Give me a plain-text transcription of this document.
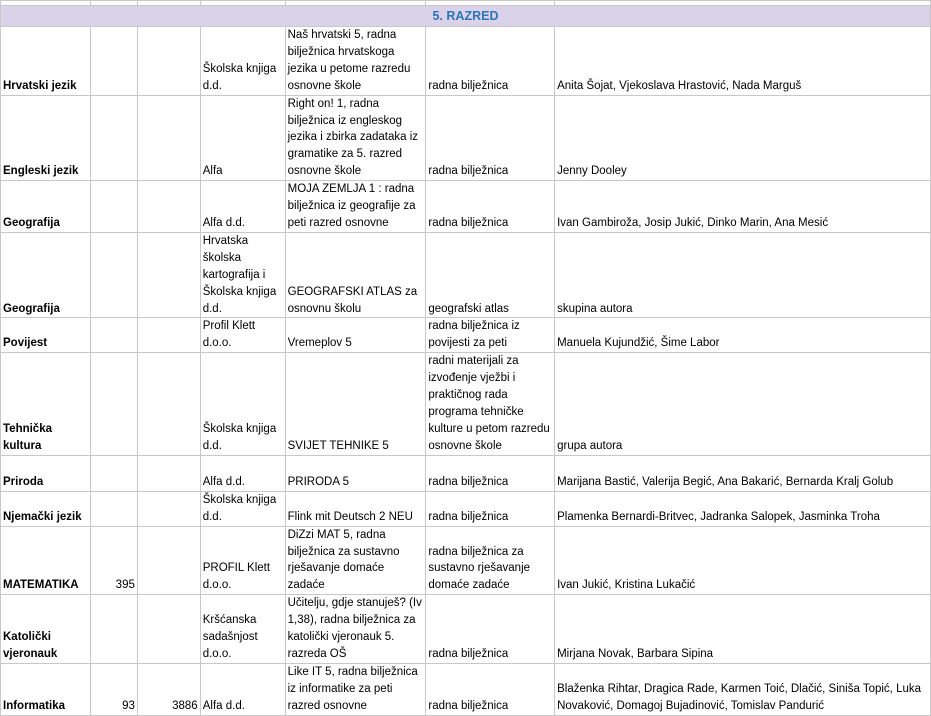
5. RAZRED						
Hrvatski jezik			Školska knjiga d.d.	Naš hrvatski 5, radna bilježnica hrvatskoga jezika u petome razredu osnovne škole	radna bilježnica	Anita Šojat, Vjekoslava Hrastović, Nada Marguš
Engleski jezik			Alfa	Right on! 1, radna bilježnica iz engleskog jezika i zbirka zadataka iz gramatike za 5. razred osnovne škole	radna bilježnica	Jenny Dooley
Geografija			Alfa d.d.	MOJA ZEMLJA 1 : radna bilježnica iz geografije za peti razred osnovne	radna bilježnica	Ivan Gambiroža, Josip Jukić, Dinko Marin, Ana Mesić
Geografija			Hrvatska školska kartografija i Školska knjiga d.d.	GEOGRAFSKI ATLAS za osnovnu školu	geografski atlas	skupina autora
Povijest			Profil Klett d.o.o.	Vremeplov 5	radna bilježnica iz povijesti za peti	Manuela Kujundžić, Šime Labor
Tehnička kultura			Školska knjiga d.d.	SVIJET TEHNIKE 5	radni materijali za izvođenje vježbi i praktičnog rada programa tehničke kulture u petom razredu osnovne škole	grupa autora
Priroda			Alfa d.d.	PRIRODA 5	radna bilježnica	Marijana Bastić, Valerija Begić, Ana Bakarić, Bernarda Kralj Golub
Njemački jezik			Školska knjiga d.d.	Flink mit Deutsch 2 NEU	radna bilježnica	Plamenka Bernardi-Britvec, Jadranka Salopek, Jasminka Troha
MATEMATIKA	395		PROFIL Klett d.o.o.	DiZzi MAT 5, radna bilježnica za sustavno rješavanje domaće zadaće	radna bilježnica za sustavno rješavanje domaće zadaće	Ivan Jukić, Kristina Lukačić
Katolički vjeronauk			Kršćanska sadašnjost d.o.o.	Učitelju, gdje stanuješ? (Iv 1,38), radna bilježnica za katolički vjeronauk 5. razreda OŠ	radna bilježnica	Mirjana Novak, Barbara Sipina
Informatika	93	3886	Alfa d.d.	Like IT 5, radna bilježnica iz informatike za peti razred osnovne	radna bilježnica	Blaženka Rihtar, Dragica Rade, Karmen Toić, Dlačić, Siniša Topić, Luka Novaković, Domagoj Bujadinović, Tomislav Pandurić
